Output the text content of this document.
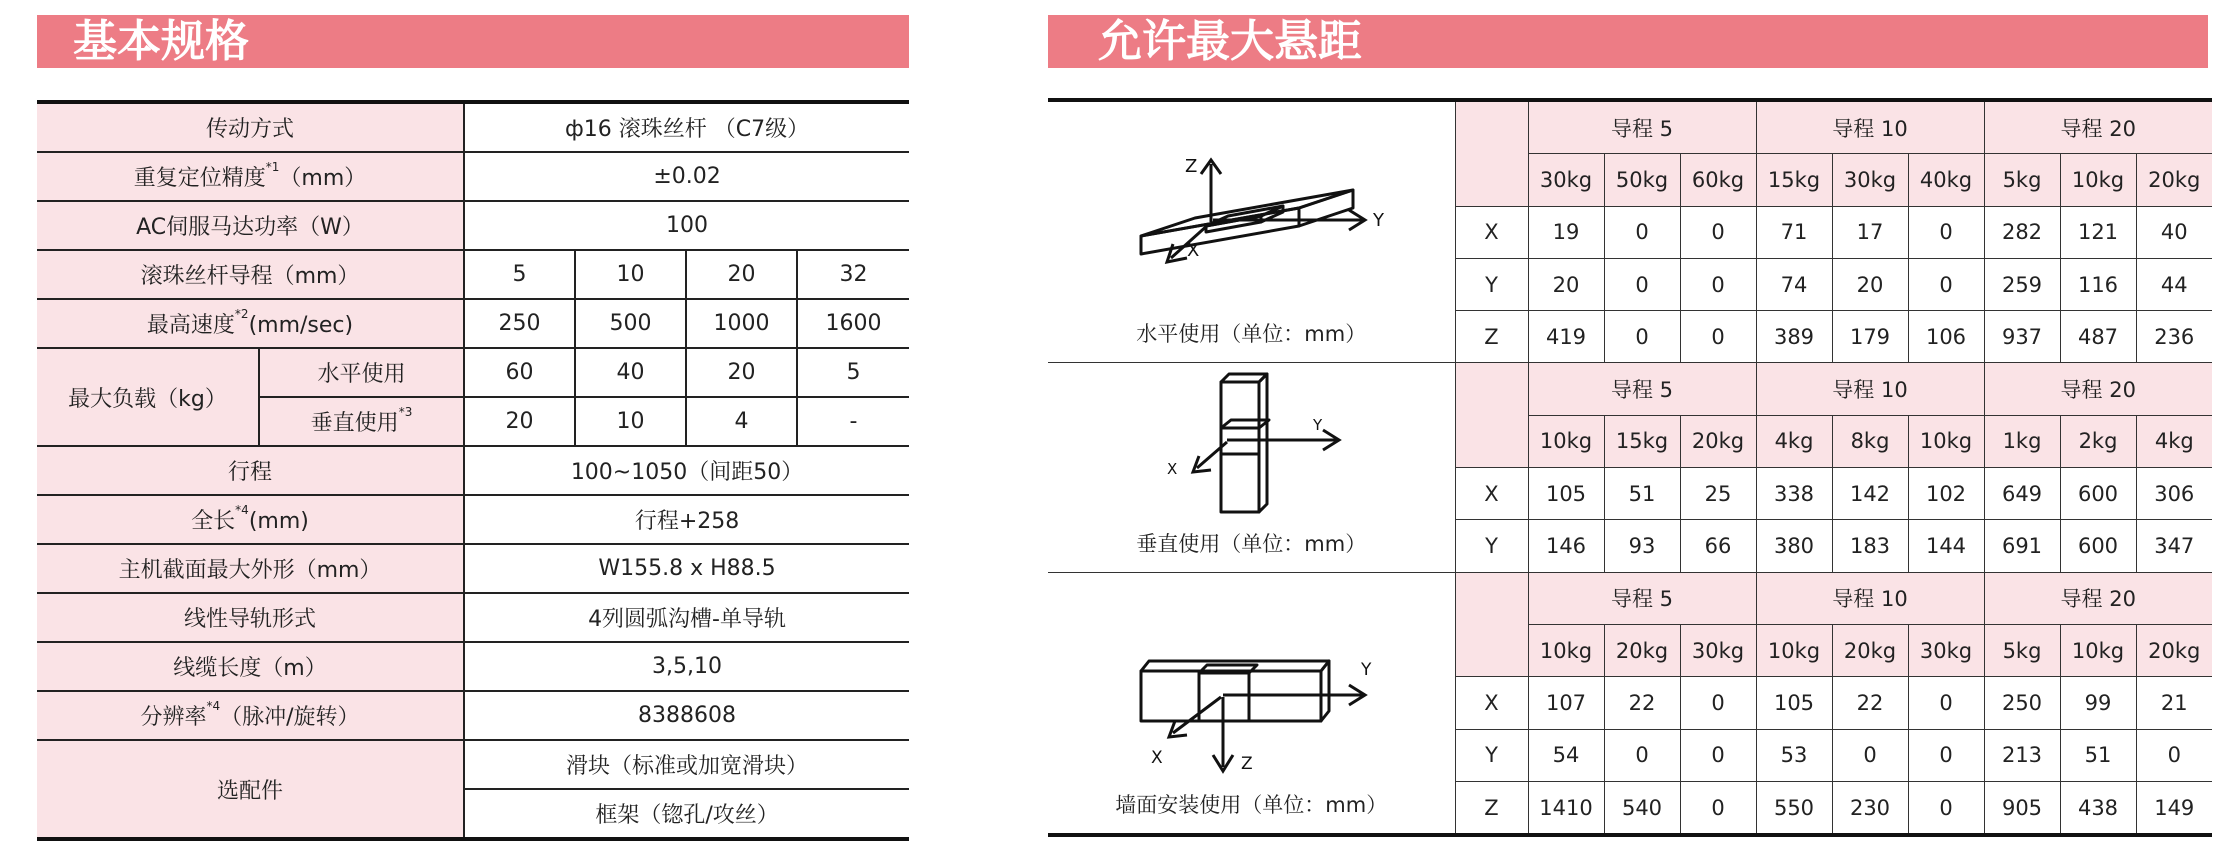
基本规格	允许最大悬距
传动方式		ф16 滚珠丝杆 （C7级）			
重复定位精度$^{*1}$（mm）		±0.02			
AC伺服马达功率（W）		100			
滚珠丝杆导程（mm）		5	10	20	32
最高速度$^{*2}$(mm/sec)		250	500	1000	1600
最大负载（kg）	水平使用	60	40	20	5
	垂直使用$^{*3}$	20	10	4	-
行程		100~1050（间距50）			
全长$^{*4}$(mm)		行程+258			
主机截面最大外形（mm）		W155.8 x H88.5			
线性导轨形式		4列圆弧沟槽-单导轨			
线缆长度（m）		3,5,10			
分辨率$^{*4}$（脉冲/旋转）		8388608			
选配件		滑块（标准或加宽滑块）			
		框架（锪孔/攻丝）			
Z
Y
X
水平使用（单位：mm）		导程 5			导程 10			导程 20		
		30kg	50kg	60kg	15kg	30kg	40kg	5kg	10kg	20kg
	X	19	0	0	71	17	0	282	121	40
	Y	20	0	0	74	20	0	259	116	44
	Z	419	0	0	389	179	106	937	487	236

Y
X
垂直使用（单位：mm）		导程 5			导程 10			导程 20		
		10kg	15kg	20kg	4kg	8kg	10kg	1kg	2kg	4kg
	X	105	51	25	338	142	102	649	600	306
	Y	146	93	66	380	183	144	691	600	347

Y
Z
X
墙面安装使用（单位：mm）		导程 5			导程 10			导程 20		
		10kg	20kg	30kg	10kg	20kg	30kg	5kg	10kg	20kg
	X	107	22	0	105	22	0	250	99	21
	Y	54	0	0	53	0	0	213	51	0
	Z	1410	540	0	550	230	0	905	438	149
